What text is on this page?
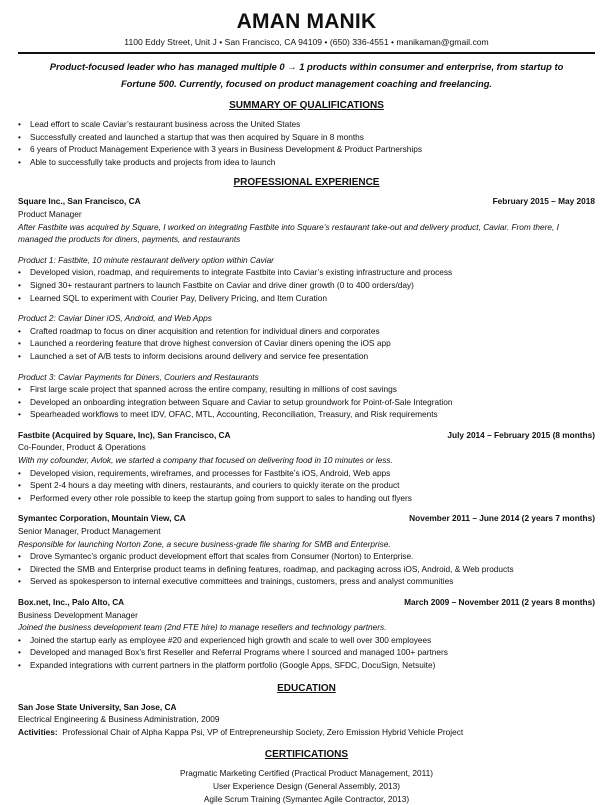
AMAN MANIK
1100 Eddy Street, Unit J • San Francisco, CA 94109 • (650) 336-4551 • manikaman@gmail.com
Product-focused leader who has managed multiple 0 → 1 products within consumer and enterprise, from startup to
Fortune 500. Currently, focused on product management coaching and freelancing.
SUMMARY OF QUALIFICATIONS
• Lead effort to scale Caviar’s restaurant business across the United States
• Successfully created and launched a startup that was then acquired by Square in 8 months
• 6 years of Product Management Experience with 3 years in Business Development & Product Partnerships
• Able to successfully take products and projects from idea to launch
PROFESSIONAL EXPERIENCE
Square Inc., San Francisco, CA	February 2015 – May 2018
Product Manager
After Fastbite was acquired by Square, I worked on integrating Fastbite into Square’s restaurant take-out and delivery product, Caviar. From there, I managed the products for diners, payments, and restaurants
Product 1: Fastbite, 10 minute restaurant delivery option within Caviar
• Developed vision, roadmap, and requirements to integrate Fastbite into Caviar’s existing infrastructure and process
• Signed 30+ restaurant partners to launch Fastbite on Caviar and drive diner growth (0 to 400 orders/day)
• Learned SQL to experiment with Courier Pay, Delivery Pricing, and Item Curation
Product 2: Caviar Diner iOS, Android, and Web Apps
• Crafted roadmap to focus on diner acquisition and retention for individual diners and corporates
• Launched a reordering feature that drove highest conversion of Caviar diners opening the iOS app
• Launched a set of A/B tests to inform decisions around delivery and service fee presentation
Product 3: Caviar Payments for Diners, Couriers and Restaurants
• First large scale project that spanned across the entire company, resulting in millions of cost savings
• Developed an onboarding integration between Square and Caviar to setup groundwork for Point-of-Sale Integration
• Spearheaded workflows to meet IDV, OFAC, MTL, Accounting, Reconciliation, Treasury, and Risk requirements
Fastbite (Acquired by Square, Inc), San Francisco, CA	July 2014 – February 2015 (8 months)
Co-Founder, Product & Operations
With my cofounder, Avlok, we started a company that focused on delivering food in 10 minutes or less.
• Developed vision, requirements, wireframes, and processes for Fastbite’s iOS, Android, Web apps
• Spent 2-4 hours a day meeting with diners, restaurants, and couriers to quickly iterate on the product
• Performed every other role possible to keep the startup going from support to sales to handing out flyers
Symantec Corporation, Mountain View, CA	November 2011 – June 2014 (2 years 7 months)
Senior Manager, Product Management
Responsible for launching Norton Zone, a secure business-grade file sharing for SMB and Enterprise.
• Drove Symantec’s organic product development effort that scales from Consumer (Norton) to Enterprise.
• Directed the SMB and Enterprise product teams in defining features, roadmap, and packaging across iOS, Android, & Web products
• Served as spokesperson to internal executive committees and trainings, customers, press and analyst communities
Box.net, Inc., Palo Alto, CA	March 2009 – November 2011 (2 years 8 months)
Business Development Manager
Joined the business development team (2nd FTE hire) to manage resellers and technology partners.
• Joined the startup early as employee #20 and experienced high growth and scale to well over 300 employees
• Developed and managed Box’s first Reseller and Referral Programs where I sourced and managed 100+ partners
• Expanded integrations with current partners in the platform portfolio (Google Apps, SFDC, DocuSign, Netsuite)
EDUCATION
San Jose State University, San Jose, CA
Electrical Engineering & Business Administration, 2009
Activities: Professional Chair of Alpha Kappa Psi, VP of Entrepreneurship Society, Zero Emission Hybrid Vehicle Project
CERTIFICATIONS
Pragmatic Marketing Certified (Practical Product Management, 2011)
User Experience Design (General Assembly, 2013)
Agile Scrum Training (Symantec Agile Contractor, 2013)
